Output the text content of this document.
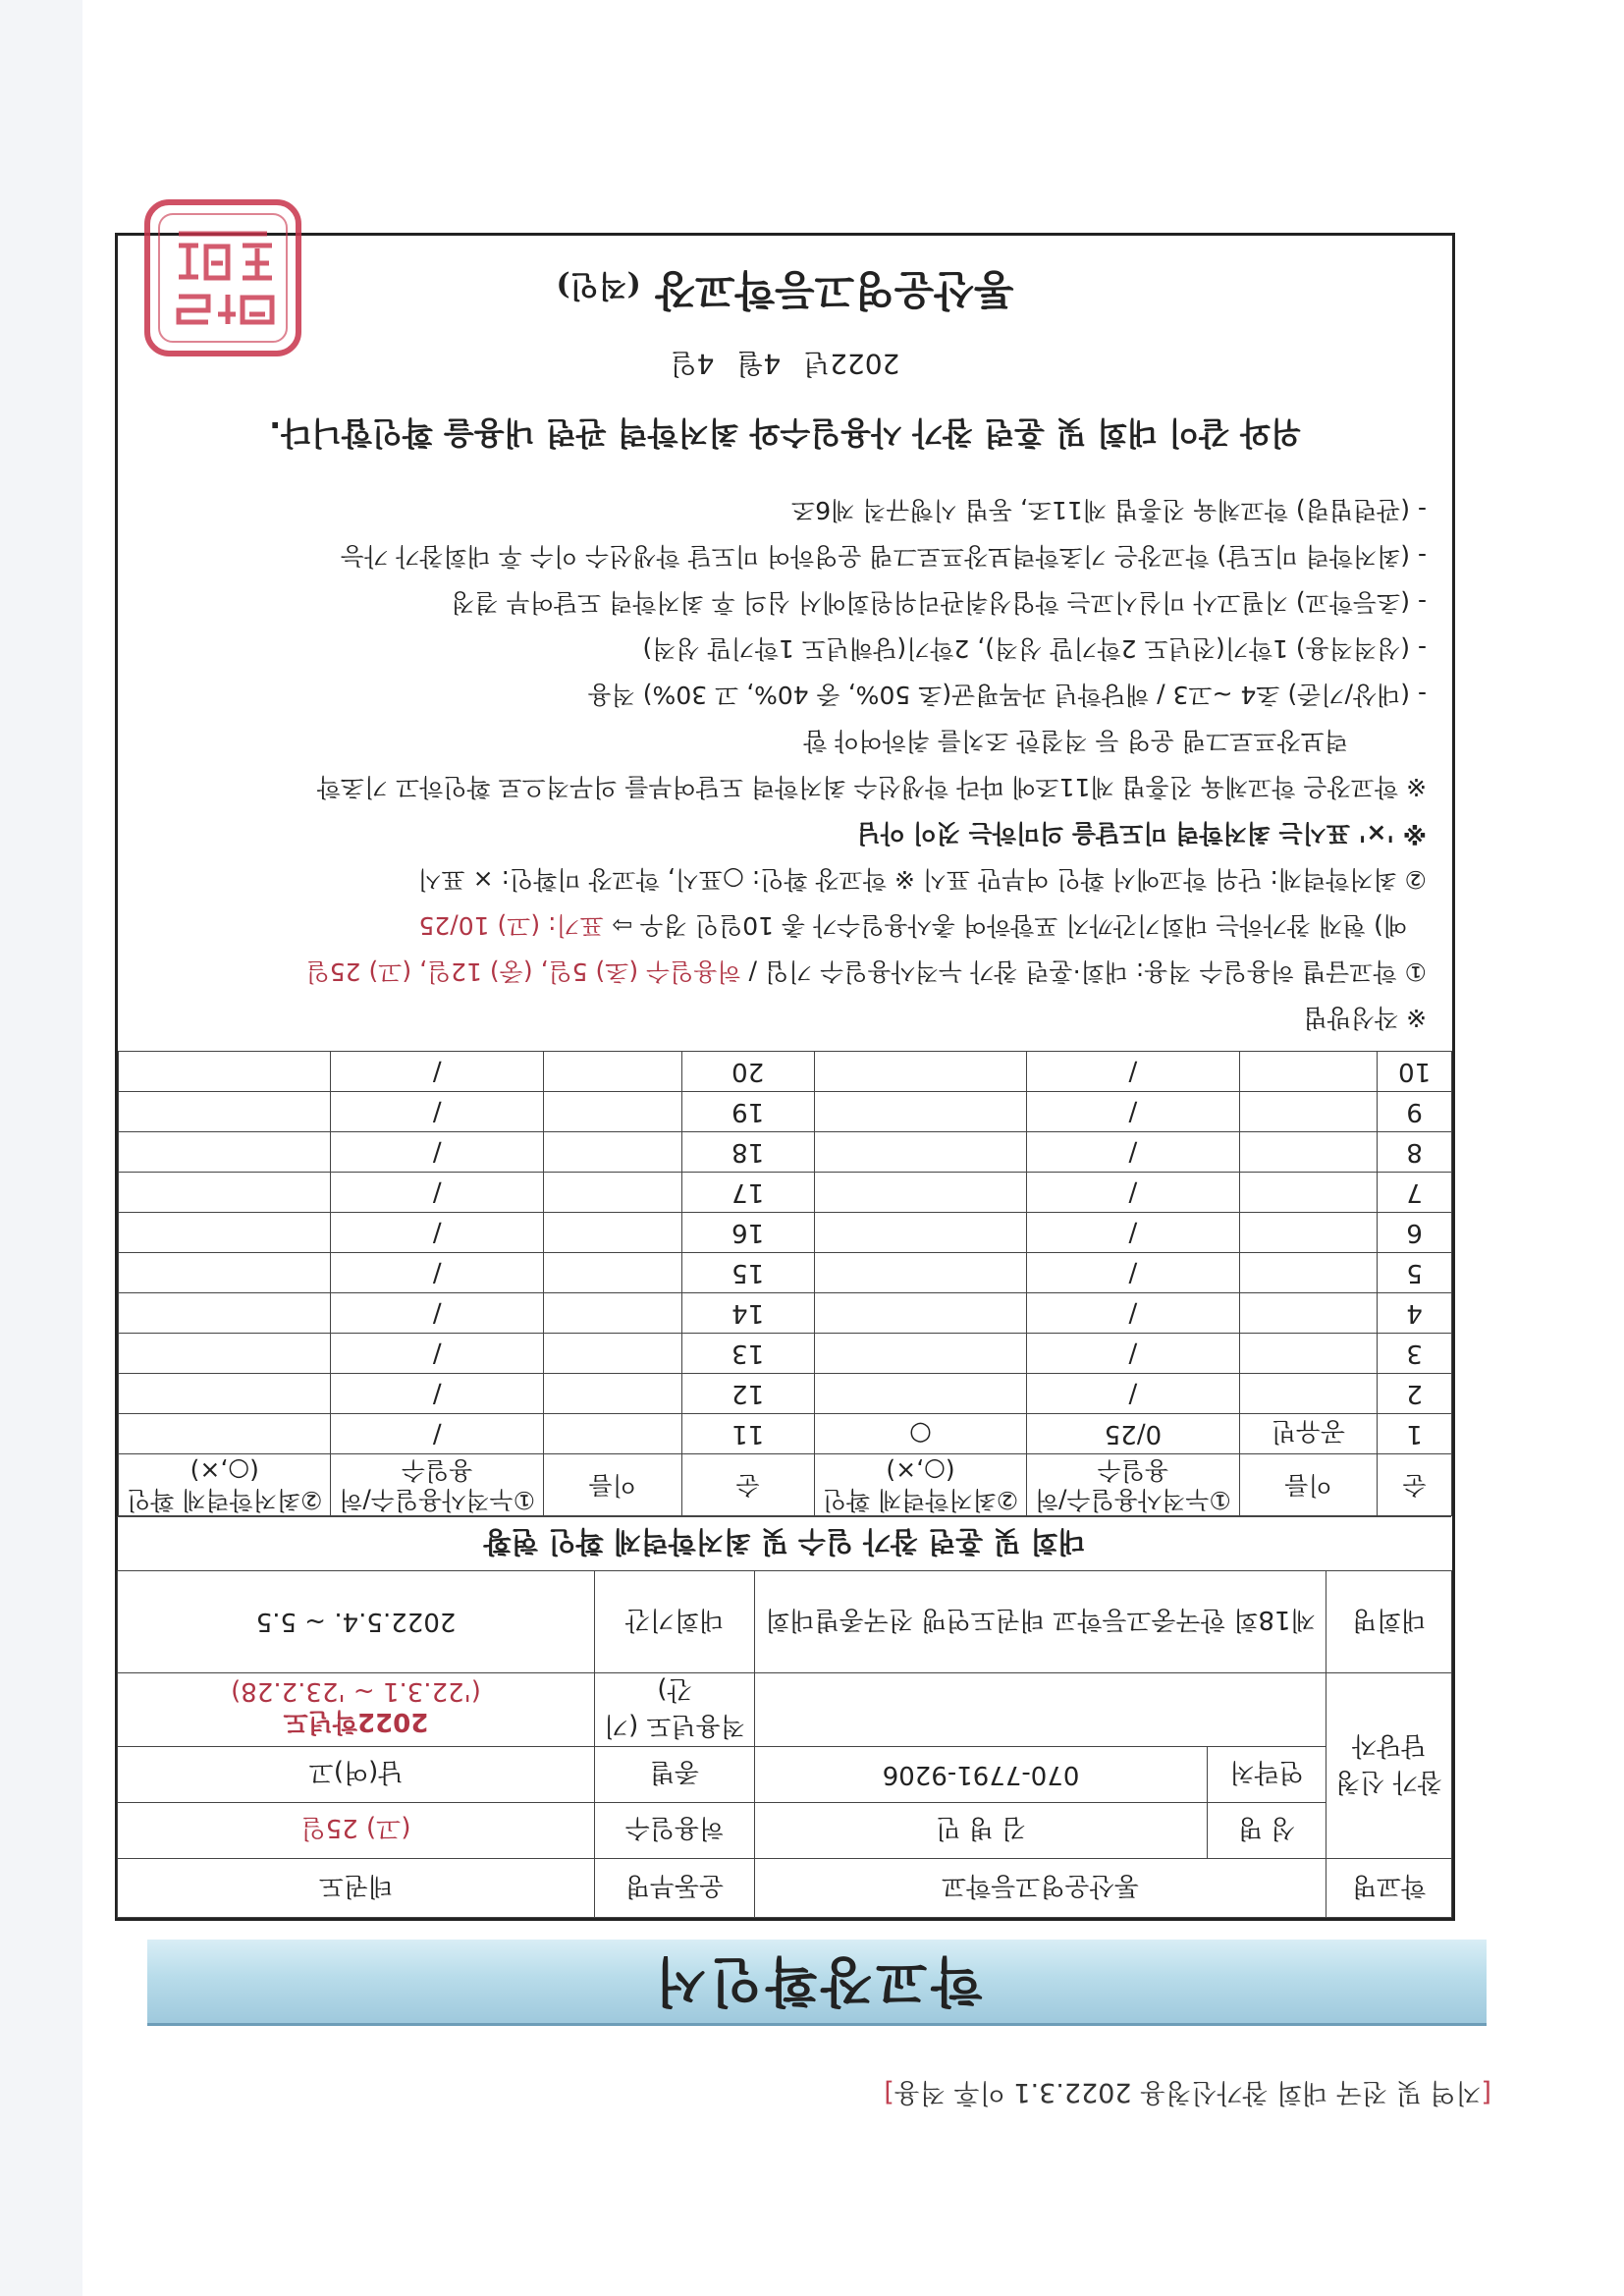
[지역 및 전국 대회 참가신청용 2022.3.1 이후 적용]
학교장확인서
학교명	통산운영고등학교		운동부명	테권도
참가 신청 담당자	성 명	김 병 민	허용일수	(고) 25일
	연락처	070-7791-9206	종별	남(여)고
			적용년도 (기간)	2022학년도
('22.3.1 ~ '23.2.28)

대회명	제18회 한국중고등학교 태권도연맹 전국종별대회		대회기간	2022.5.4. ~ 5.5
대회 및 훈련 참가 일수 및 최저학력제 확인 현황				
순	이름	①누적사용일수/허용일수	②최저학력제 확인(○,×)	순	이름	①누적사용일수/허용일수	②최저학력제 확인(○,×)
1	공유빈	0/25	○	11		/	
2		/		12		/	
3		/		13		/	
4		/		14		/	
5		/		15		/	
6		/		16		/	
7		/		17		/	
8		/		18		/	
9		/		19		/	
10		/		20		/	
※ 작성방법
① 학교급별 허용일수 적용: 대회·훈련 참가 누적사용일수 기입 / 허용일수 (초) 5일, (중) 12일, (고) 25일
예) 현재 참가하는 대회기간까지 포함하여 총사용일수가 총 10일인 경우 ⇨ 표기: (고) 10/25
② 최저학력제: 단위 학교에서 확인 여부만 표시 ※ 학교장 확인: ○표시, 학교장 미확인: × 표시
※ '×' 표시는 최저학력 미도달을 의미하는 것이 아님
※ 학교장은 학교체육 진흥법 제11조에 따라 학생선수 최저학력 도달여부를 의무적으로 확인하고 기초학
력보장프로그램 운영 등 적절한 조치를 취하여야 함
- (대상/기준) 초4 ~고3 / 해당학년 과목평균(초 50%, 중 40%, 고 30%) 적용
- (성적적용) 1학기(전년도 2학기말 성적), 2학기(당해년도 1학기말 성적)
- (초등학교) 지필고사 미실시교는 학업성취관리위원회에서 심의 후 최저학력 도달여부 결정
- (최저학력 미도달) 학교장은 기초학력보장프로그램 운영하여 미도달 학생선수 이수 후 대회참가 가능
- (관련법령) 학교체육 진흥법 제11조, 동법 시행규칙 제6조
위와 같이 대회 및 훈련 참가 사용일수와 최저학력 관련 내용을 확인합니다.
2022년 4월 4일
통산운영고등학교장 (직인)
